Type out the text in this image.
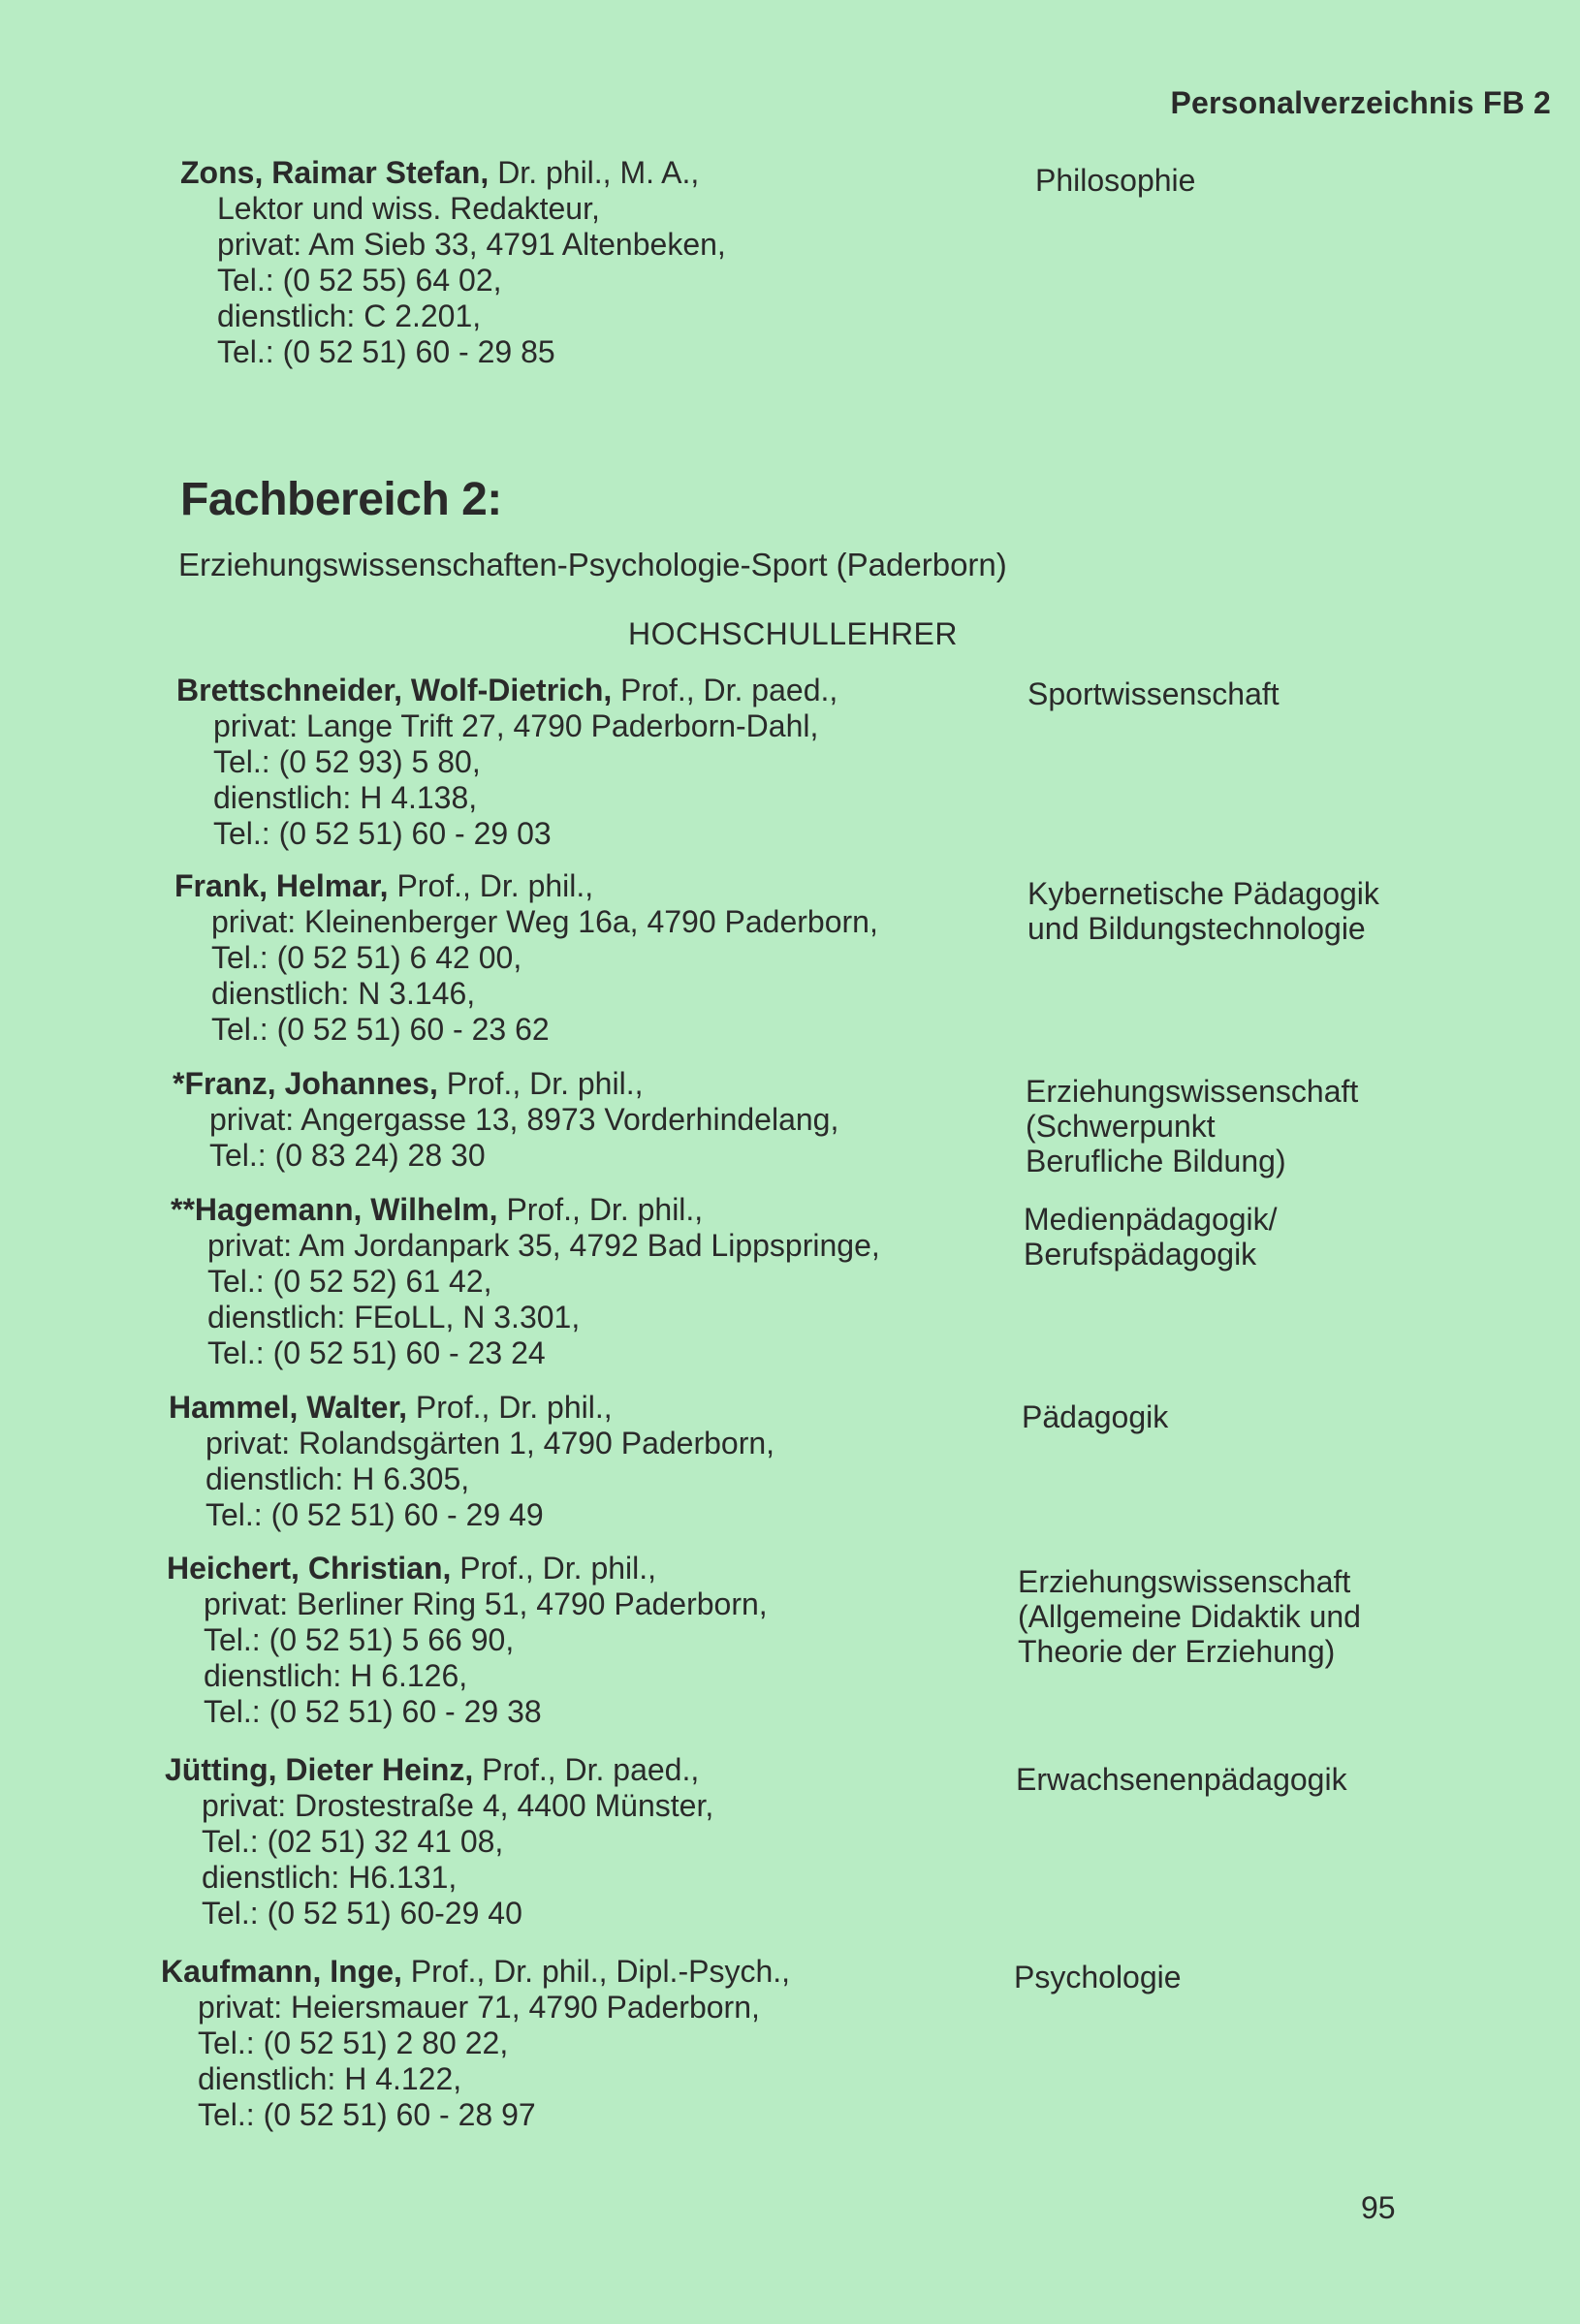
Personalverzeichnis FB 2
Zons, Raimar Stefan, Dr. phil., M. A.,
Lektor und wiss. Redakteur,
privat: Am Sieb 33, 4791 Altenbeken,
Tel.: (0 52 55) 64 02,
dienstlich: C 2.201,
Tel.: (0 52 51) 60 - 29 85
Philosophie
Fachbereich 2:
Erziehungswissenschaften-Psychologie-Sport (Paderborn)
HOCHSCHULLEHRER
Brettschneider, Wolf-Dietrich, Prof., Dr. paed.,
privat: Lange Trift 27, 4790 Paderborn-Dahl,
Tel.: (0 52 93) 5 80,
dienstlich: H 4.138,
Tel.: (0 52 51) 60 - 29 03
Sportwissenschaft
Frank, Helmar, Prof., Dr. phil.,
privat: Kleinenberger Weg 16a, 4790 Paderborn,
Tel.: (0 52 51) 6 42 00,
dienstlich: N 3.146,
Tel.: (0 52 51) 60 - 23 62
Kybernetische Pädagogik
und Bildungstechnologie
*Franz, Johannes, Prof., Dr. phil.,
privat: Angergasse 13, 8973 Vorderhindelang,
Tel.: (0 83 24) 28 30
Erziehungswissenschaft
(Schwerpunkt
Berufliche Bildung)
**Hagemann, Wilhelm, Prof., Dr. phil.,
privat: Am Jordanpark 35, 4792 Bad Lippspringe,
Tel.: (0 52 52) 61 42,
dienstlich: FEoLL, N 3.301,
Tel.: (0 52 51) 60 - 23 24
Medienpädagogik/
Berufspädagogik
Hammel, Walter, Prof., Dr. phil.,
privat: Rolandsgärten 1, 4790 Paderborn,
dienstlich: H 6.305,
Tel.: (0 52 51) 60 - 29 49
Pädagogik
Heichert, Christian, Prof., Dr. phil.,
privat: Berliner Ring 51, 4790 Paderborn,
Tel.: (0 52 51) 5 66 90,
dienstlich: H 6.126,
Tel.: (0 52 51) 60 - 29 38
Erziehungswissenschaft
(Allgemeine Didaktik und
Theorie der Erziehung)
Jütting, Dieter Heinz, Prof., Dr. paed.,
privat: Drostestraße 4, 4400 Münster,
Tel.: (02 51) 32 41 08,
dienstlich: H6.131,
Tel.: (0 52 51) 60-29 40
Erwachsenenpädagogik
Kaufmann, Inge, Prof., Dr. phil., Dipl.-Psych.,
privat: Heiersmauer 71, 4790 Paderborn,
Tel.: (0 52 51) 2 80 22,
dienstlich: H 4.122,
Tel.: (0 52 51) 60 - 28 97
Psychologie
95
